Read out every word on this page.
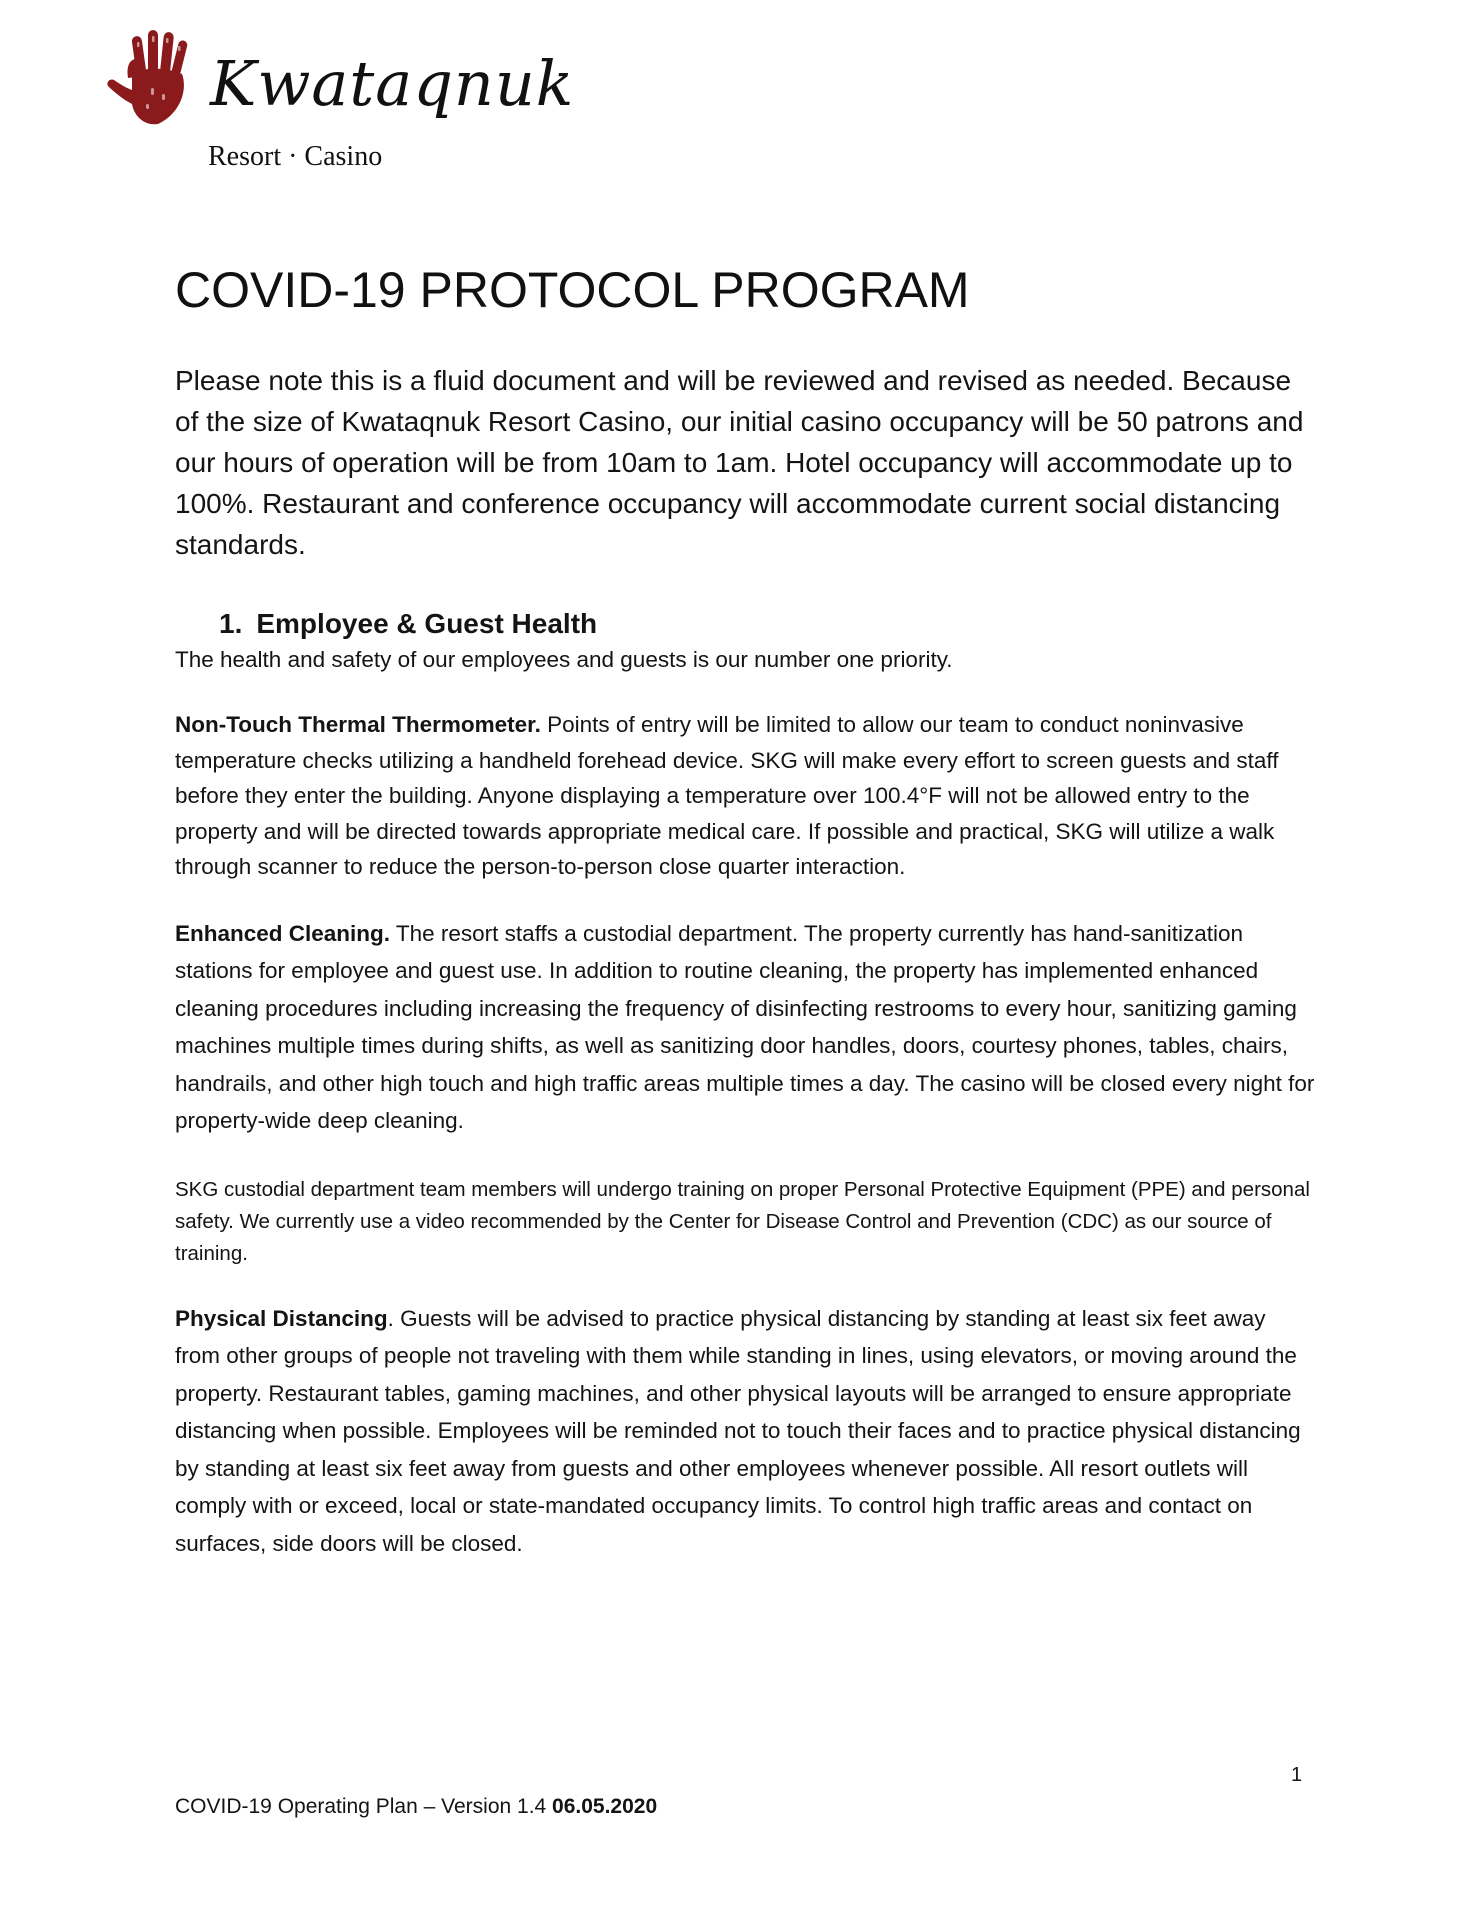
Kwataqnuk
Resort · Casino
COVID-19 PROTOCOL PROGRAM

Please note this is a fluid document and will be reviewed and revised as needed. Because of the size of Kwataqnuk Resort Casino, our initial casino occupancy will be 50 patrons and our hours of operation will be from 10am to 1am. Hotel occupancy will accommodate up to 100%. Restaurant and conference occupancy will accommodate current social distancing standards.

1. Employee & Guest Health

The health and safety of our employees and guests is our number one priority.

Non-Touch Thermal Thermometer. Points of entry will be limited to allow our team to conduct noninvasive temperature checks utilizing a handheld forehead device. SKG will make every effort to screen guests and staff before they enter the building. Anyone displaying a temperature over 100.4°F will not be allowed entry to the property and will be directed towards appropriate medical care. If possible and practical, SKG will utilize a walk through scanner to reduce the person-to-person close quarter interaction.

Enhanced Cleaning. The resort staffs a custodial department. The property currently has hand-sanitization stations for employee and guest use. In addition to routine cleaning, the property has implemented enhanced cleaning procedures including increasing the frequency of disinfecting restrooms to every hour, sanitizing gaming machines multiple times during shifts, as well as sanitizing door handles, doors, courtesy phones, tables, chairs, handrails, and other high touch and high traffic areas multiple times a day. The casino will be closed every night for property-wide deep cleaning.

SKG custodial department team members will undergo training on proper Personal Protective Equipment (PPE) and personal safety. We currently use a video recommended by the Center for Disease Control and Prevention (CDC) as our source of training.

Physical Distancing. Guests will be advised to practice physical distancing by standing at least six feet away from other groups of people not traveling with them while standing in lines, using elevators, or moving around the property. Restaurant tables, gaming machines, and other physical layouts will be arranged to ensure appropriate distancing when possible. Employees will be reminded not to touch their faces and to practice physical distancing by standing at least six feet away from guests and other employees whenever possible. All resort outlets will comply with or exceed, local or state-mandated occupancy limits. To control high traffic areas and contact on surfaces, side doors will be closed.

1
COVID-19 Operating Plan – Version 1.4 06.05.2020
